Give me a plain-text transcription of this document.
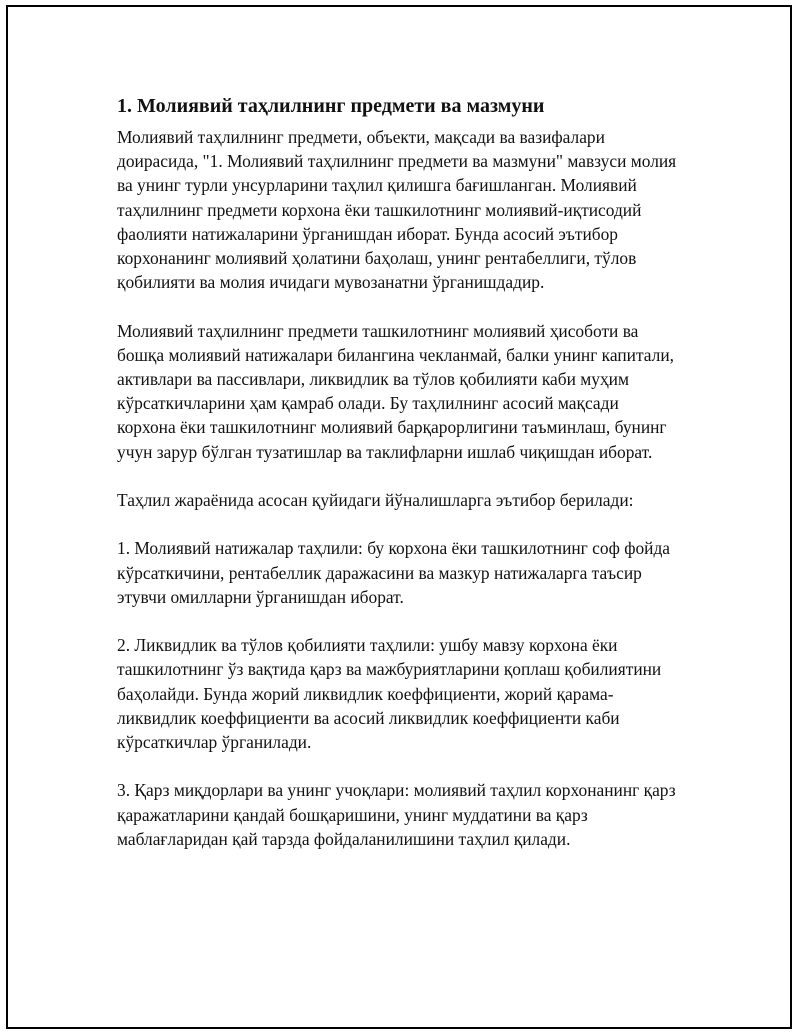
1. Молиявий таҳлилнинг предмети ва мазмуни

Молиявий таҳлилнинг предмети, объекти, мақсади ва вазифалари доирасида, "1. Молиявий таҳлилнинг предмети ва мазмуни" мавзуси молия ва унинг турли унсурларини таҳлил қилишга бағишланган. Молиявий таҳлилнинг предмети корхона ёки ташкилотнинг молиявий-иқтисодий фаолияти натижаларини ўрганишдан иборат. Бунда асосий эътибор корхонанинг молиявий ҳолатини баҳолаш, унинг рентабеллиги, тўлов қобилияти ва молия ичидаги мувозанатни ўрганишдадир.

Молиявий таҳлилнинг предмети ташкилотнинг молиявий ҳисоботи ва бошқа молиявий натижалари билангина чекланмай, балки унинг капитали, активлари ва пассивлари, ликвидлик ва тўлов қобилияти каби муҳим кўрсаткичларини ҳам қамраб олади. Бу таҳлилнинг асосий мақсади корхона ёки ташкилотнинг молиявий барқарорлигини таъминлаш, бунинг учун зарур бўлган тузатишлар ва таклифларни ишлаб чиқишдан иборат.

Таҳлил жараёнида асосан қуйидаги йўналишларга эътибор берилади:

1. Молиявий натижалар таҳлили: бу корхона ёки ташкилотнинг соф фойда кўрсаткичини, рентабеллик даражасини ва мазкур натижаларга таъсир этувчи омилларни ўрганишдан иборат.

2. Ликвидлик ва тўлов қобилияти таҳлили: ушбу мавзу корхона ёки ташкилотнинг ўз вақтида қарз ва мажбуриятларини қоплаш қобилиятини баҳолайди. Бунда жорий ликвидлик коеффициенти, жорий қарама-ликвидлик коеффициенти ва асосий ликвидлик коеффициенти каби кўрсаткичлар ўрганилади.

3. Қарз миқдорлари ва унинг учоқлари: молиявий таҳлил корхонанинг қарз қаражатларини қандай бошқаришини, унинг муддатини ва қарз маблағларидан қай тарзда фойдаланилишини таҳлил қилади.
